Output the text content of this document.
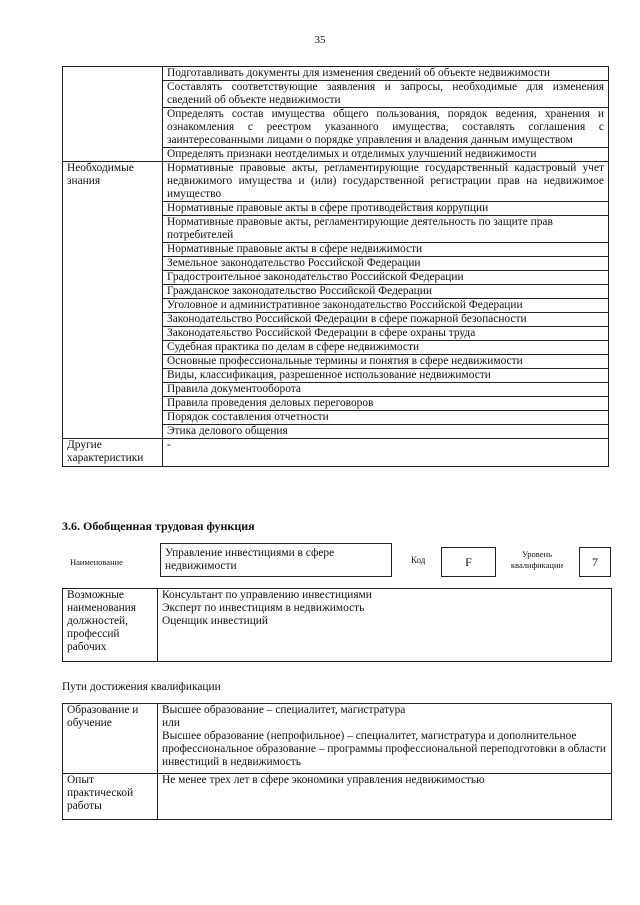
35
	Подготавливать документы для изменения сведений об объекте недвижимости
	Составлять соответствующие заявления и запросы, необходимые для изменения сведений об объекте недвижимости
	Определять состав имущества общего пользования, порядок ведения, хранения и ознакомления с реестром указанного имущества, составлять соглашения с заинтересованными лицами о порядке управления и владения данным имуществом
	Определять признаки неотделимых и отделимых улучшений недвижимости
Необходимые знания	Нормативные правовые акты, регламентирующие государственный кадастровый учет недвижимого имущества и (или) государственной регистрации прав на недвижимое имущество
	Нормативные правовые акты в сфере противодействия коррупции
	Нормативные правовые акты, регламентирующие деятельность по защите прав потребителей
	Нормативные правовые акты в сфере недвижимости
	Земельное законодательство Российской Федерации
	Градостроительное законодательство Российской Федерации
	Гражданское законодательство Российской Федерации
	Уголовное и административное законодательство Российской Федерации
	Законодательство Российской Федерации в сфере пожарной безопасности
	Законодательство Российской Федерации в сфере охраны труда
	Судебная практика по делам в сфере недвижимости
	Основные профессиональные термины и понятия в сфере недвижимости
	Виды, классификация, разрешенное использование недвижимости
	Правила документооборота
	Правила проведения деловых переговоров
	Порядок составления отчетности
	Этика делового общения
Другие характеристики	-
3.6. Обобщенная трудовая функция
Наименование
Управление инвестициями в сфере недвижимости	Код	F
Уровень квалификации	7
Возможные наименования должностей, профессий рабочих	
Консультант по управлению инвестициями
Эксперт по инвестициям в недвижимость
Оценщик инвестиций
Пути достижения квалификации
Образование и обучение	Высшее образование – специалитет, магистратура
или
Высшее образование (непрофильное) – специалитет, магистратура и дополнительное профессиональное образование – программы профессиональной переподготовки в области инвестиций в недвижимость

Опыт практической работы	Не менее трех лет в сфере экономики управления недвижимостью
